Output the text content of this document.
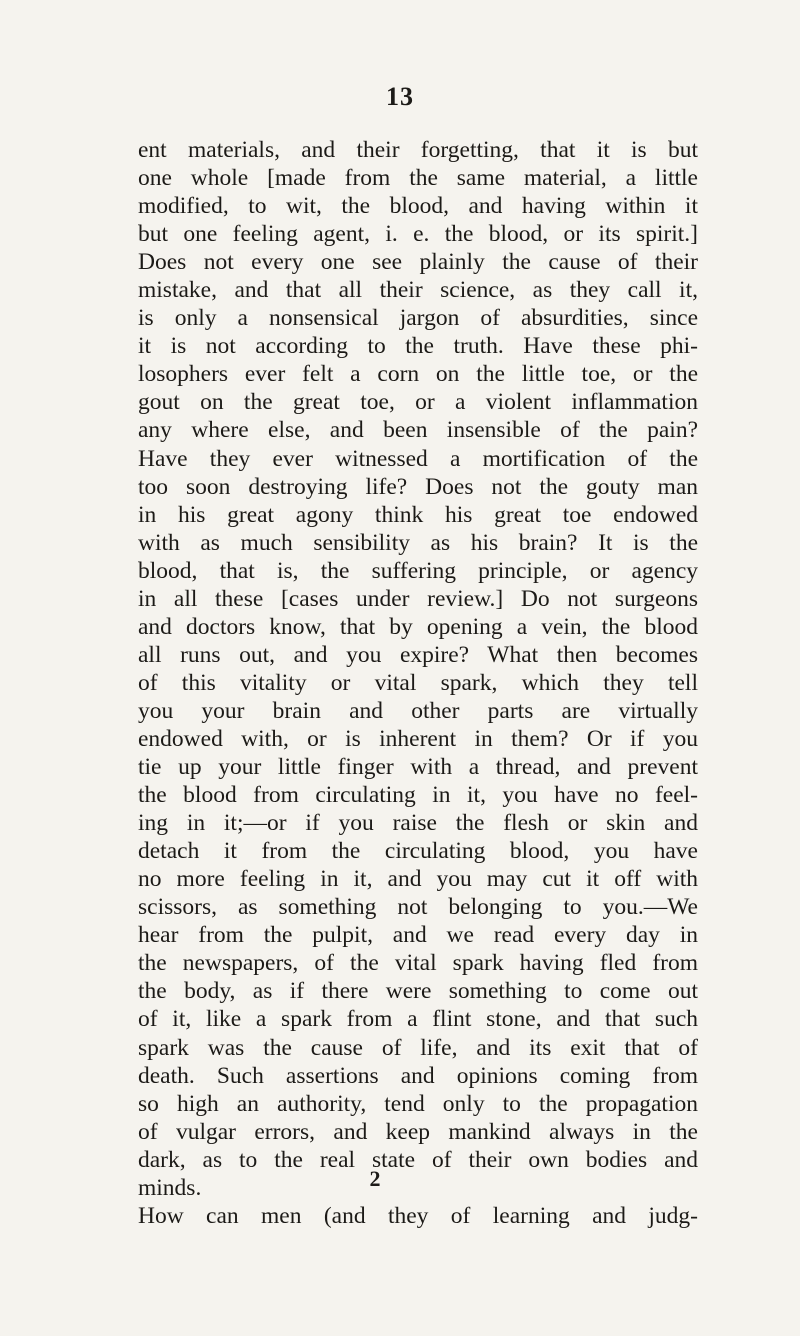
13
ent materials, and their forgetting, that it is but
one whole [made from the same material, a little
modified, to wit, the blood, and having within it
but one feeling agent, i. e. the blood, or its spirit.]
Does not every one see plainly the cause of their
mistake, and that all their science, as they call it,
is only a nonsensical jargon of absurdities, since
it is not according to the truth. Have these phi-
losophers ever felt a corn on the little toe, or the
gout on the great toe, or a violent inflammation
any where else, and been insensible of the pain?
Have they ever witnessed a mortification of the
too soon destroying life? Does not the gouty man
in his great agony think his great toe endowed
with as much sensibility as his brain? It is the
blood, that is, the suffering principle, or agency
in all these [cases under review.] Do not surgeons
and doctors know, that by opening a vein, the blood
all runs out, and you expire? What then becomes
of this vitality or vital spark, which they tell
you your brain and other parts are virtually
endowed with, or is inherent in them? Or if you
tie up your little finger with a thread, and prevent
the blood from circulating in it, you have no feel-
ing in it;—or if you raise the flesh or skin and
detach it from the circulating blood, you have
no more feeling in it, and you may cut it off with
scissors, as something not belonging to you.—We
hear from the pulpit, and we read every day in
the newspapers, of the vital spark having fled from
the body, as if there were something to come out
of it, like a spark from a flint stone, and that such
spark was the cause of life, and its exit that of
death. Such assertions and opinions coming from
so high an authority, tend only to the propagation
of vulgar errors, and keep mankind always in the
dark, as to the real state of their own bodies and
minds.
How can men (and they of learning and judg-
2
